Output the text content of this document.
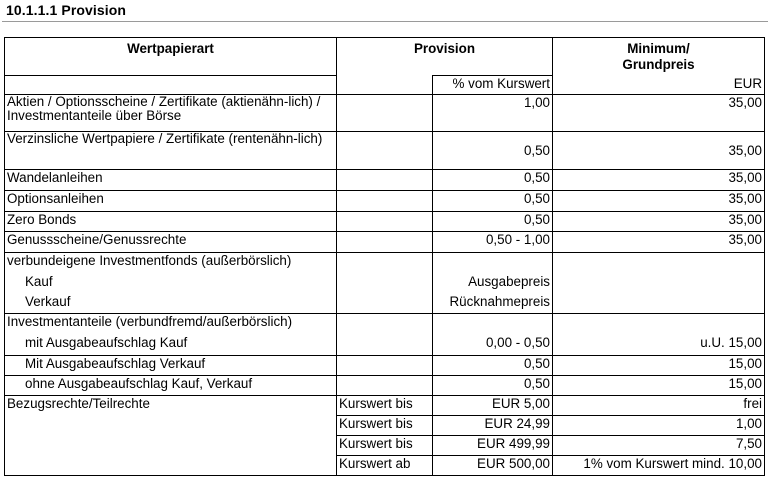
10.1.1.1 Provision
Wertpapierart	Provision		Minimum/
Grundpreis

		% vom Kurswert	EUR
Aktien / Optionsscheine / Zertifikate (aktienähn-lich) / Investmentanteile über Börse		1,00	35,00
Verzinsliche Wertpapiere / Zertifikate (rentenähn-lich)		0,50	35,00
Wandelanleihen		0,50	35,00
Optionsanleihen		0,50	35,00
Zero Bonds		0,50	35,00
Genussscheine/Genussrechte		0,50 - 1,00	35,00
verbundeigene Investmentfonds (außerbörslich)			
Kauf		Ausgabepreis	
Verkauf		Rücknahmepreis	
Investmentanteile (verbundfremd/außerbörslich)			
mit Ausgabeaufschlag Kauf		0,00 - 0,50	u.U. 15,00
Mit Ausgabeaufschlag Verkauf		0,50	15,00
ohne Ausgabeaufschlag Kauf, Verkauf		0,50	15,00
Bezugsrechte/Teilrechte	Kurswert bis	EUR 5,00	frei
	Kurswert bis	EUR 24,99	1,00
	Kurswert bis	EUR 499,99	7,50
	Kurswert ab	EUR 500,00	1% vom Kurswert mind. 10,00
